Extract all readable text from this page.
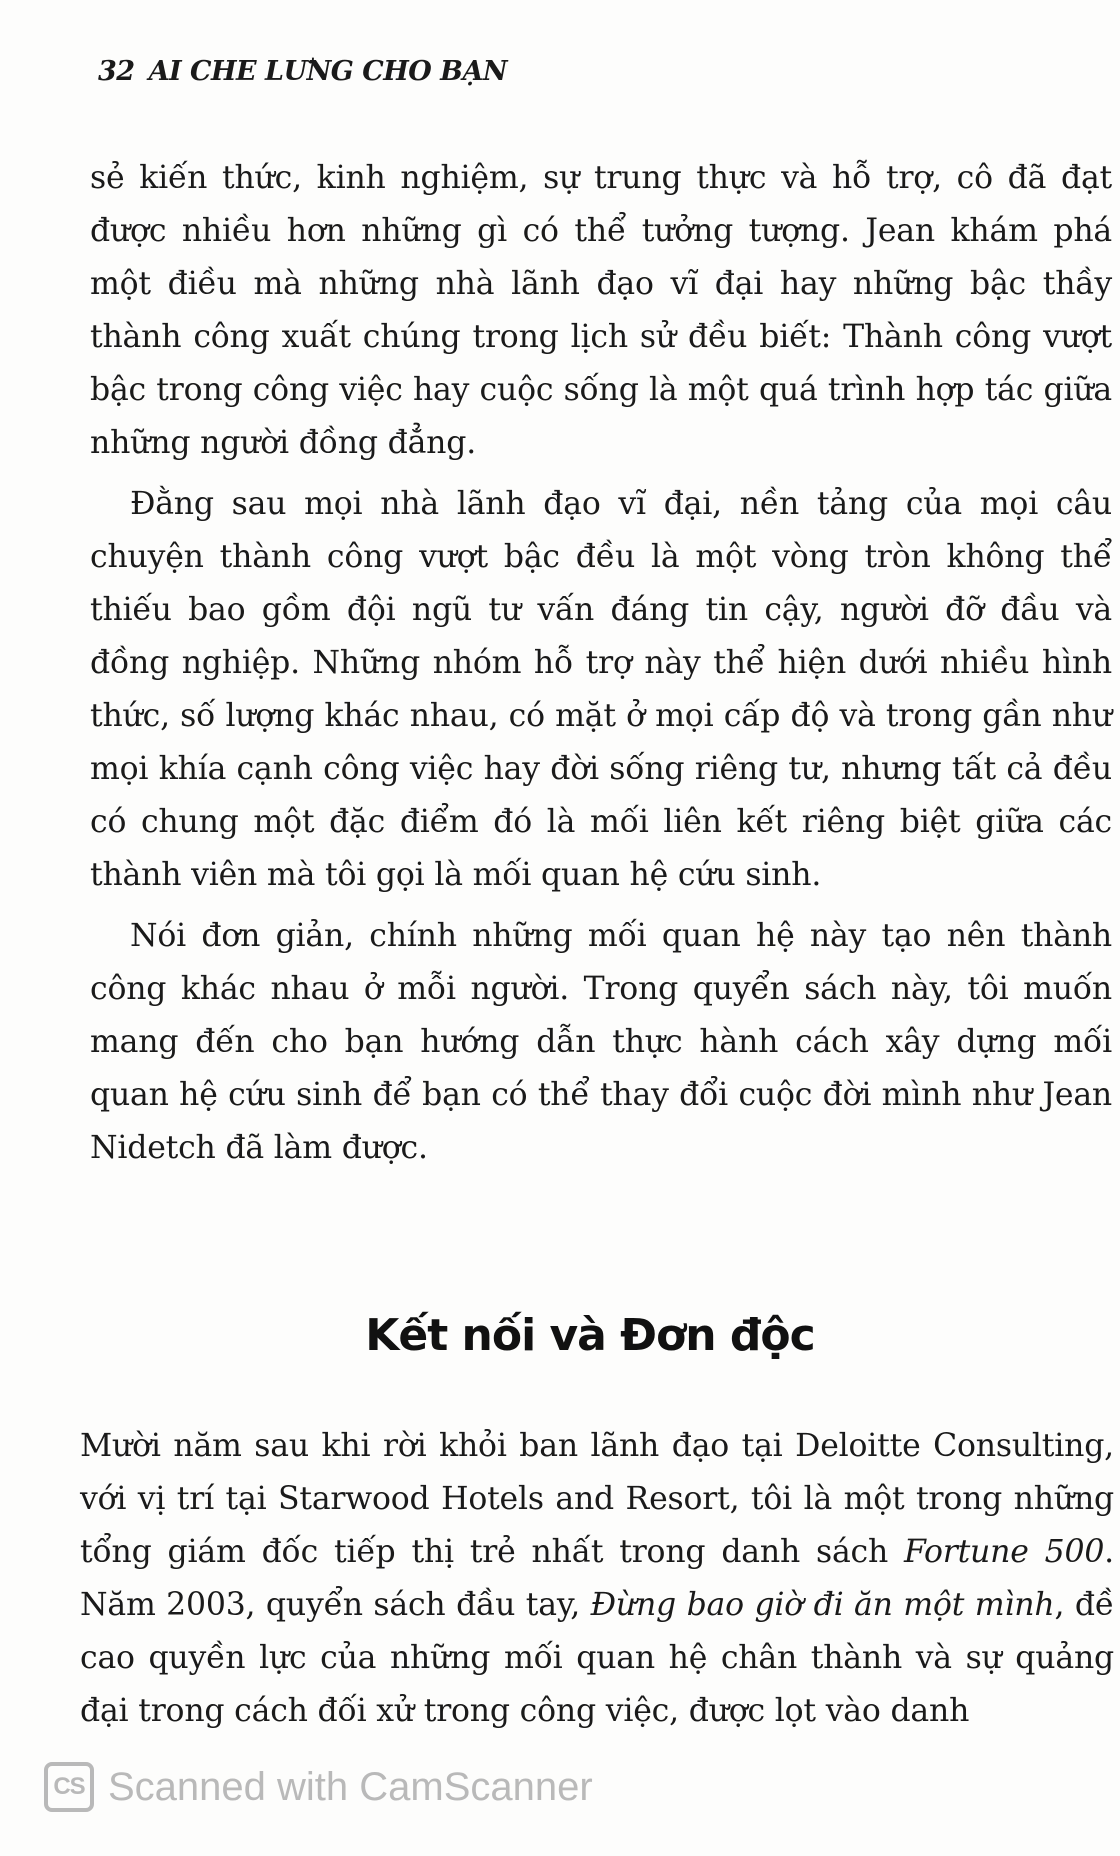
32 AI CHE LƯNG CHO BẠN

sẻ kiến thức, kinh nghiệm, sự trung thực và hỗ trợ, cô đã đạt được nhiều hơn những gì có thể tưởng tượng. Jean khám phá một điều mà những nhà lãnh đạo vĩ đại hay những bậc thầy thành công xuất chúng trong lịch sử đều biết: Thành công vượt bậc trong công việc hay cuộc sống là một quá trình hợp tác giữa những người đồng đẳng.

Đằng sau mọi nhà lãnh đạo vĩ đại, nền tảng của mọi câu chuyện thành công vượt bậc đều là một vòng tròn không thể thiếu bao gồm đội ngũ tư vấn đáng tin cậy, người đỡ đầu và đồng nghiệp. Những nhóm hỗ trợ này thể hiện dưới nhiều hình thức, số lượng khác nhau, có mặt ở mọi cấp độ và trong gần như mọi khía cạnh công việc hay đời sống riêng tư, nhưng tất cả đều có chung một đặc điểm đó là mối liên kết riêng biệt giữa các thành viên mà tôi gọi là mối quan hệ cứu sinh.

Nói đơn giản, chính những mối quan hệ này tạo nên thành công khác nhau ở mỗi người. Trong quyển sách này, tôi muốn mang đến cho bạn hướng dẫn thực hành cách xây dựng mối quan hệ cứu sinh để bạn có thể thay đổi cuộc đời mình như Jean Nidetch đã làm được.

Kết nối và Đơn độc

Mười năm sau khi rời khỏi ban lãnh đạo tại Deloitte Consulting, với vị trí tại Starwood Hotels and Resort, tôi là một trong những tổng giám đốc tiếp thị trẻ nhất trong danh sách Fortune 500. Năm 2003, quyển sách đầu tay, Đừng bao giờ đi ăn một mình, đề cao quyền lực của những mối quan hệ chân thành và sự quảng đại trong cách đối xử trong công việc, được lọt vào danh

CS Scanned with CamScanner
